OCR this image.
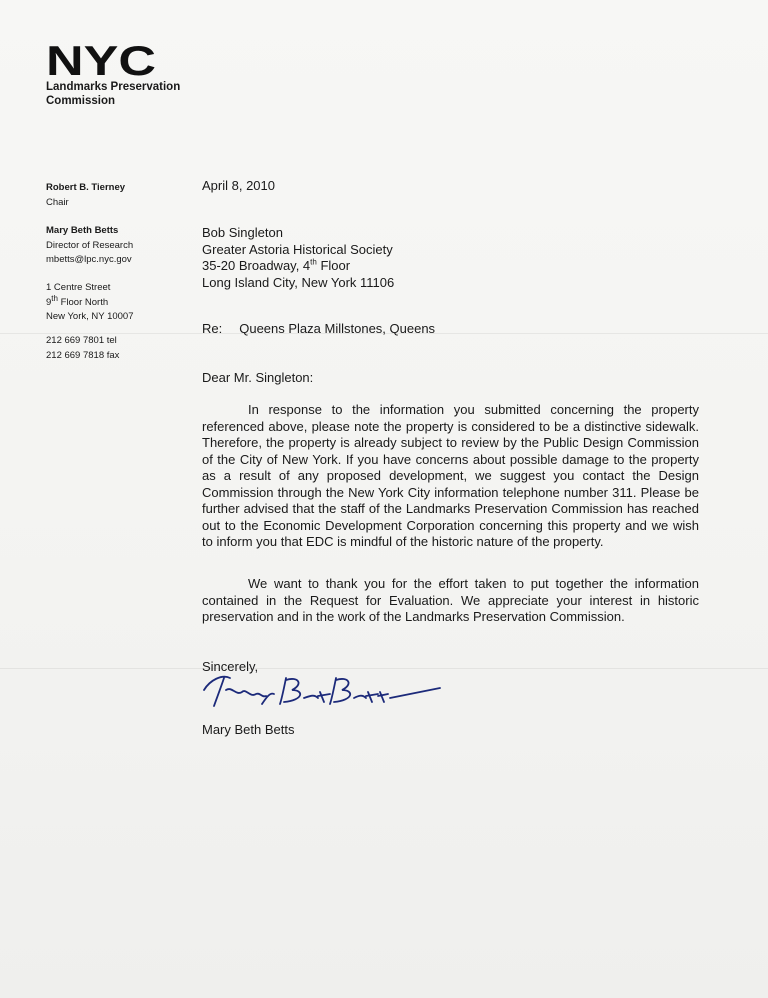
NYC
Landmarks Preservation
Commission
Robert B. Tierney
Chair
Mary Beth Betts
Director of Research
mbetts@lpc.nyc.gov
1 Centre Street
9th Floor North
New York, NY 10007
212 669 7801 tel
212 669 7818 fax
April 8, 2010
Bob Singleton
Greater Astoria Historical Society
35-20 Broadway, 4th Floor
Long Island City, New York 11106
Re: Queens Plaza Millstones, Queens
Dear Mr. Singleton:
In response to the information you submitted concerning the property referenced above, please note the property is considered to be a distinctive sidewalk. Therefore, the property is already subject to review by the Public Design Commission of the City of New York. If you have concerns about possible damage to the property as a result of any proposed development, we suggest you contact the Design Commission through the New York City information telephone number 311. Please be further advised that the staff of the Landmarks Preservation Commission has reached out to the Economic Development Corporation concerning this property and we wish to inform you that EDC is mindful of the historic nature of the property.
We want to thank you for the effort taken to put together the information contained in the Request for Evaluation. We appreciate your interest in historic preservation and in the work of the Landmarks Preservation Commission.
Sincerely,
Mary Beth Betts
